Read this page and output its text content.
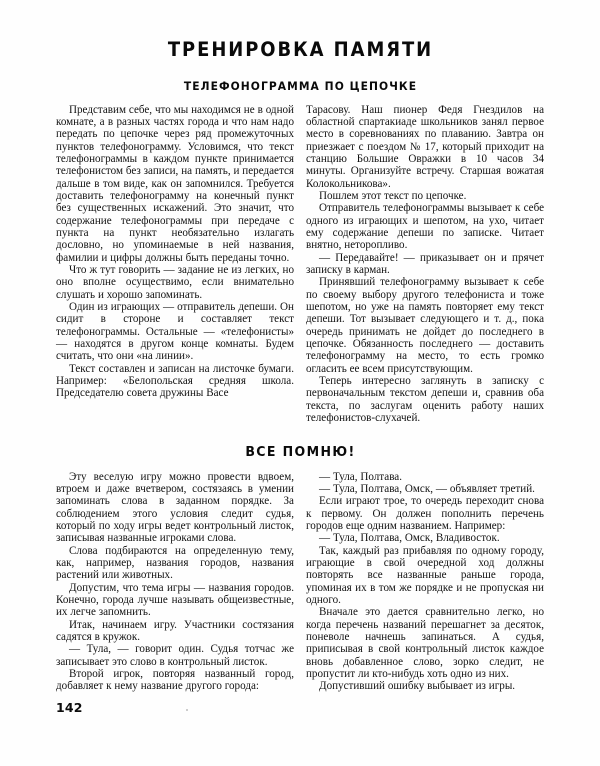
ТРЕНИРОВКА ПАМЯТИ
ТЕЛЕФОНОГРАММА ПО ЦЕПОЧКЕ

Представим себе, что мы находимся не в одной комнате, а в разных частях города и что нам надо передать по цепочке через ряд промежуточных пунктов телефонограмму. Условимся, что текст телефонограммы в каждом пункте принимается телефонистом без записи, на память, и передается дальше в том виде, как он запомнился. Требуется доставить телефонограмму на конечный пункт без существенных искажений. Это значит, что содержание телефонограммы при передаче с пункта на пункт необязательно излагать дословно, но упоминаемые в ней названия, фамилии и цифры должны быть переданы точно.

Что ж тут говорить — задание не из легких, но оно вполне осуществимо, если внимательно слушать и хорошо запоминать.

Один из играющих — отправитель депеши. Он сидит в стороне и составляет текст телефонограммы. Остальные — «телефонисты» — находятся в другом конце комнаты. Будем считать, что они «на линии».

Текст составлен и записан на листочке бумаги. Например: «Белопольская средняя школа. Председателю совета дружины Васе

Тарасову. Наш пионер Федя Гнездилов на областной спартакиаде школьников занял первое место в соревнованиях по плаванию. Завтра он приезжает с поездом № 17, который приходит на станцию Большие Овражки в 10 часов 34 минуты. Организуйте встречу. Старшая вожатая Колокольникова».

Пошлем этот текст по цепочке.

Отправитель телефонограммы вызывает к себе одного из играющих и шепотом, на ухо, читает ему содержание депеши по записке. Читает внятно, неторопливо.

— Передавайте! — приказывает он и прячет записку в карман.

Принявший телефонограмму вызывает к себе по своему выбору другого телефониста и тоже шепотом, но уже на память повторяет ему текст депеши. Тот вызывает следующего и т. д., пока очередь принимать не дойдет до последнего в цепочке. Обязанность последнего — доставить телефонограмму на место, то есть громко огласить ее всем присутствующим.

Теперь интересно заглянуть в записку с первоначальным текстом депеши и, сравнив оба текста, по заслугам оценить работу наших телефонистов-слухачей.

ВСЕ ПОМНЮ!

Эту веселую игру можно провести вдвоем, втроем и даже вчетвером, состязаясь в умении запоминать слова в заданном порядке. За соблюдением этого условия следит судья, который по ходу игры ведет контрольный листок, записывая названные игроками слова.

Слова подбираются на определенную тему, как, например, названия городов, названия растений или животных.

Допустим, что тема игры — названия городов. Конечно, города лучше называть общеизвестные, их легче запомнить.

Итак, начинаем игру. Участники состязания садятся в кружок.

— Тула, — говорит один. Судья тотчас же записывает это слово в контрольный листок.

Второй игрок, повторяя названный город, добавляет к нему название другого города:

— Тула, Полтава.

— Тула, Полтава, Омск, — объявляет третий.

Если играют трое, то очередь переходит снова к первому. Он должен пополнить перечень городов еще одним названием. Например:

— Тула, Полтава, Омск, Владивосток.

Так, каждый раз прибавляя по одному городу, играющие в свой очередной ход должны повторять все названные раньше города, упоминая их в том же порядке и не пропуская ни одного.

Вначале это дается сравнительно легко, но когда перечень названий перешагнет за десяток, поневоле начнешь запинаться. А судья, приписывая в свой контрольный листок каждое вновь добавленное слово, зорко следит, не пропустит ли кто-нибудь хоть одно из них.

Допустивший ошибку выбывает из игры.

142
